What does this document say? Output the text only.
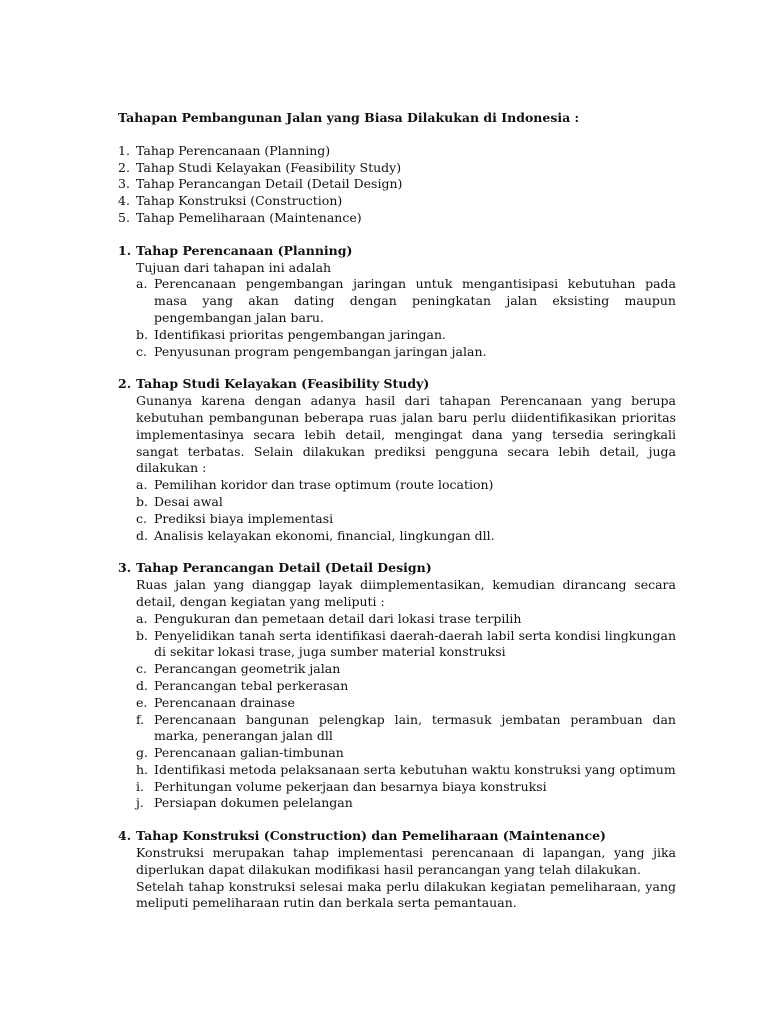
Tahapan Pembangunan Jalan yang Biasa Dilakukan di Indonesia :
1. Tahap Perencanaan (Planning)
2. Tahap Studi Kelayakan (Feasibility Study)
3. Tahap Perancangan Detail (Detail Design)
4. Tahap Konstruksi (Construction)
5. Tahap Pemeliharaan (Maintenance)
1. Tahap Perencanaan (Planning)

Tujuan dari tahapan ini adalah

a. Perencanaan pengembangan jaringan untuk mengantisipasi kebutuhan pada masa yang akan dating dengan peningkatan jalan eksisting maupun pengembangan jalan baru.
b. Identifikasi prioritas pengembangan jaringan.
c. Penyusunan program pengembangan jaringan jalan.
2. Tahap Studi Kelayakan (Feasibility Study)

Gunanya karena dengan adanya hasil dari tahapan Perencanaan yang berupa kebutuhan pembangunan beberapa ruas jalan baru perlu diidentifikasikan prioritas implementasinya secara lebih detail, mengingat dana yang tersedia seringkali sangat terbatas. Selain dilakukan prediksi pengguna secara lebih detail, juga dilakukan :

a. Pemilihan koridor dan trase optimum (route location)
b. Desai awal
c. Prediksi biaya implementasi
d. Analisis kelayakan ekonomi, financial, lingkungan dll.
3. Tahap Perancangan Detail (Detail Design)

Ruas jalan yang dianggap layak diimplementasikan, kemudian dirancang secara detail, dengan kegiatan yang meliputi :

a. Pengukuran dan pemetaan detail dari lokasi trase terpilih
b. Penyelidikan tanah serta identifikasi daerah-daerah labil serta kondisi lingkungan di sekitar lokasi trase, juga sumber material konstruksi
c. Perancangan geometrik jalan
d. Perancangan tebal perkerasan
e. Perencanaan drainase
f. Perencanaan bangunan pelengkap lain, termasuk jembatan perambuan dan marka, penerangan jalan dll
g. Perencanaan galian-timbunan
h. Identifikasi metoda pelaksanaan serta kebutuhan waktu konstruksi yang optimum
i. Perhitungan volume pekerjaan dan besarnya biaya konstruksi
j. Persiapan dokumen pelelangan
4. Tahap Konstruksi (Construction) dan Pemeliharaan (Maintenance)

Konstruksi merupakan tahap implementasi perencanaan di lapangan, yang jika diperlukan dapat dilakukan modifikasi hasil perancangan yang telah dilakukan.

Setelah tahap konstruksi selesai maka perlu dilakukan kegiatan pemeliharaan, yang meliputi pemeliharaan rutin dan berkala serta pemantauan.
